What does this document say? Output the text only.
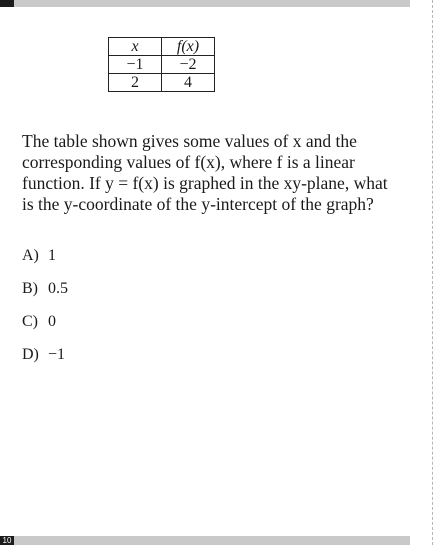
x	f(x)
−1	−2
2	4

The table shown gives some values of x and the corresponding values of f(x), where f is a linear function. If y = f(x) is graphed in the xy-plane, what is the y-coordinate of the y-intercept of the graph?

A) 1
B) 0.5
C) 0
D) −1
10
